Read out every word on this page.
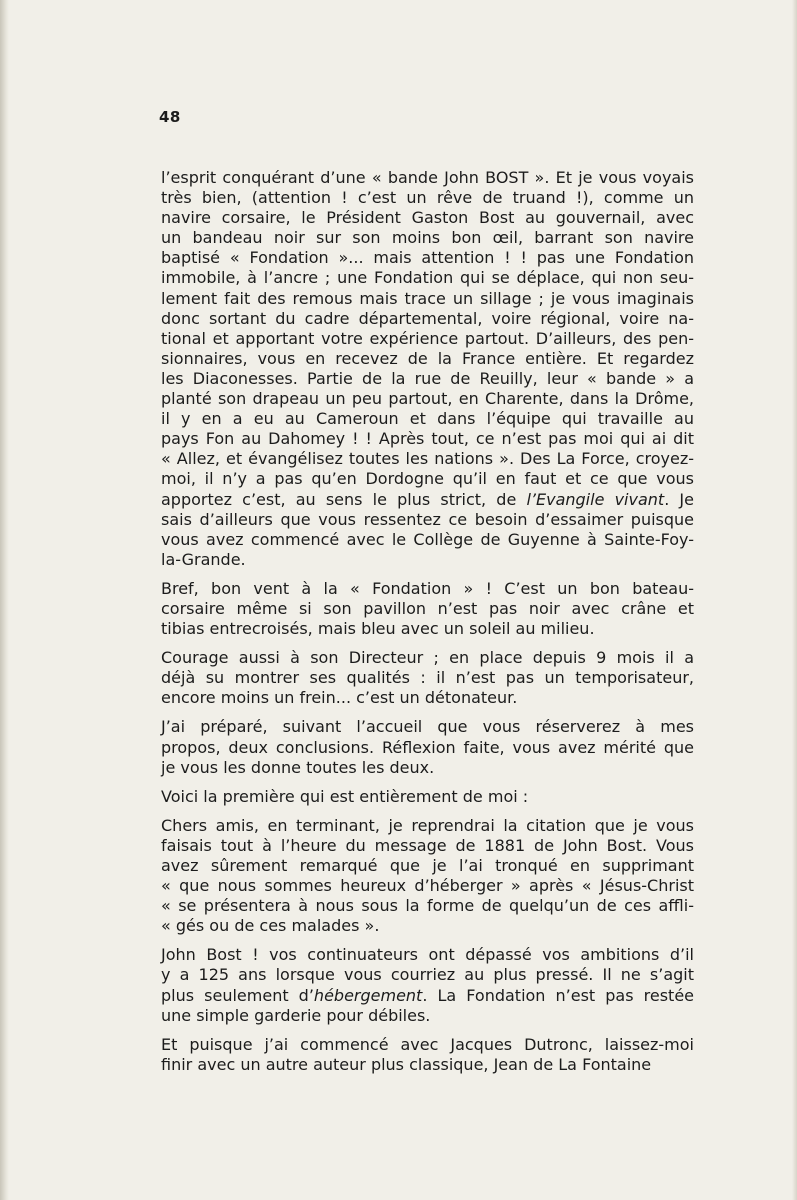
48
l’esprit conquérant d’une « bande John BOST ». Et je vous voyais
très bien, (attention ! c’est un rêve de truand !), comme un
navire corsaire, le Président Gaston Bost au gouvernail, avec
un bandeau noir sur son moins bon œil, barrant son navire
baptisé « Fondation »... mais attention ! ! pas une Fondation
immobile, à l’ancre ; une Fondation qui se déplace, qui non seu-
lement fait des remous mais trace un sillage ; je vous imaginais
donc sortant du cadre départemental, voire régional, voire na-
tional et apportant votre expérience partout. D’ailleurs, des pen-
sionnaires, vous en recevez de la France entière. Et regardez
les Diaconesses. Partie de la rue de Reuilly, leur « bande » a
planté son drapeau un peu partout, en Charente, dans la Drôme,
il y en a eu au Cameroun et dans l’équipe qui travaille au
pays Fon au Dahomey ! ! Après tout, ce n’est pas moi qui ai dit
« Allez, et évangélisez toutes les nations ». Des La Force, croyez-
moi, il n’y a pas qu’en Dordogne qu’il en faut et ce que vous
apportez c’est, au sens le plus strict, de l’Evangile vivant. Je
sais d’ailleurs que vous ressentez ce besoin d’essaimer puisque
vous avez commencé avec le Collège de Guyenne à Sainte-Foy-
la-Grande.
Bref, bon vent à la « Fondation » ! C’est un bon bateau-
corsaire même si son pavillon n’est pas noir avec crâne et
tibias entrecroisés, mais bleu avec un soleil au milieu.
Courage aussi à son Directeur ; en place depuis 9 mois il a
déjà su montrer ses qualités : il n’est pas un temporisateur,
encore moins un frein... c’est un détonateur.
J’ai préparé, suivant l’accueil que vous réserverez à mes
propos, deux conclusions. Réflexion faite, vous avez mérité que
je vous les donne toutes les deux.
Voici la première qui est entièrement de moi :
Chers amis, en terminant, je reprendrai la citation que je vous
faisais tout à l’heure du message de 1881 de John Bost. Vous
avez sûrement remarqué que je l’ai tronqué en supprimant
« que nous sommes heureux d’héberger » après « Jésus-Christ
« se présentera à nous sous la forme de quelqu’un de ces affli-
« gés ou de ces malades ».
John Bost ! vos continuateurs ont dépassé vos ambitions d’il
y a 125 ans lorsque vous courriez au plus pressé. Il ne s’agit
plus seulement d’hébergement. La Fondation n’est pas restée
une simple garderie pour débiles.
Et puisque j’ai commencé avec Jacques Dutronc, laissez-moi
finir avec un autre auteur plus classique, Jean de La Fontaine
